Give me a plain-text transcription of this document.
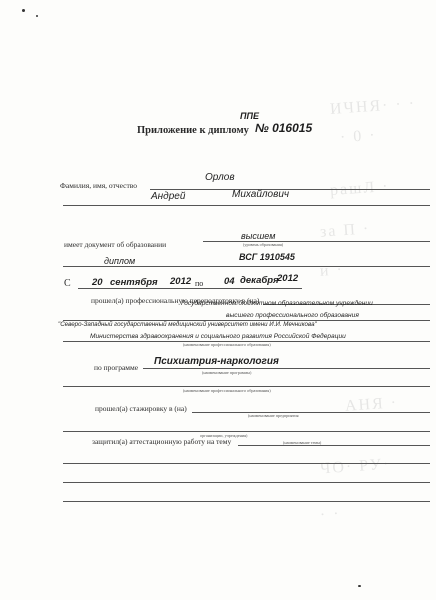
ИЧНЯ· · ·
· 0 ·
рашЛ ·
за П ·
и ·
АНЯ ·
ЧО· РУ·
· ·
ППЕ
Приложение к диплому № 016015
Фамилия, имя, отчество
Орлов
Андрей	Михайлович
имеет документ об образовании
высшем
(уровень образования)
диплом	ВСГ 1910545
С 20 сентября 2012 по 04 декабря
2012
прошел(а) профессиональную переподготовку в (на)
Государственном бюджетном образовательном учреждении
высшего профессионального образования
"Северо-Западный государственный медицинский университет имени И.И. Мечникова"
Министерства здравоохранения и социального развития Российской Федерации
(наименование профессионального образования)
по программе
Психиатрия-наркология
(наименование программы)
(наименование профессионального образования)
прошел(а) стажировку в (на)
(наименование предприятия
организации, учреждения)
защитил(а) аттестационную работу на тему	(наименование темы)
